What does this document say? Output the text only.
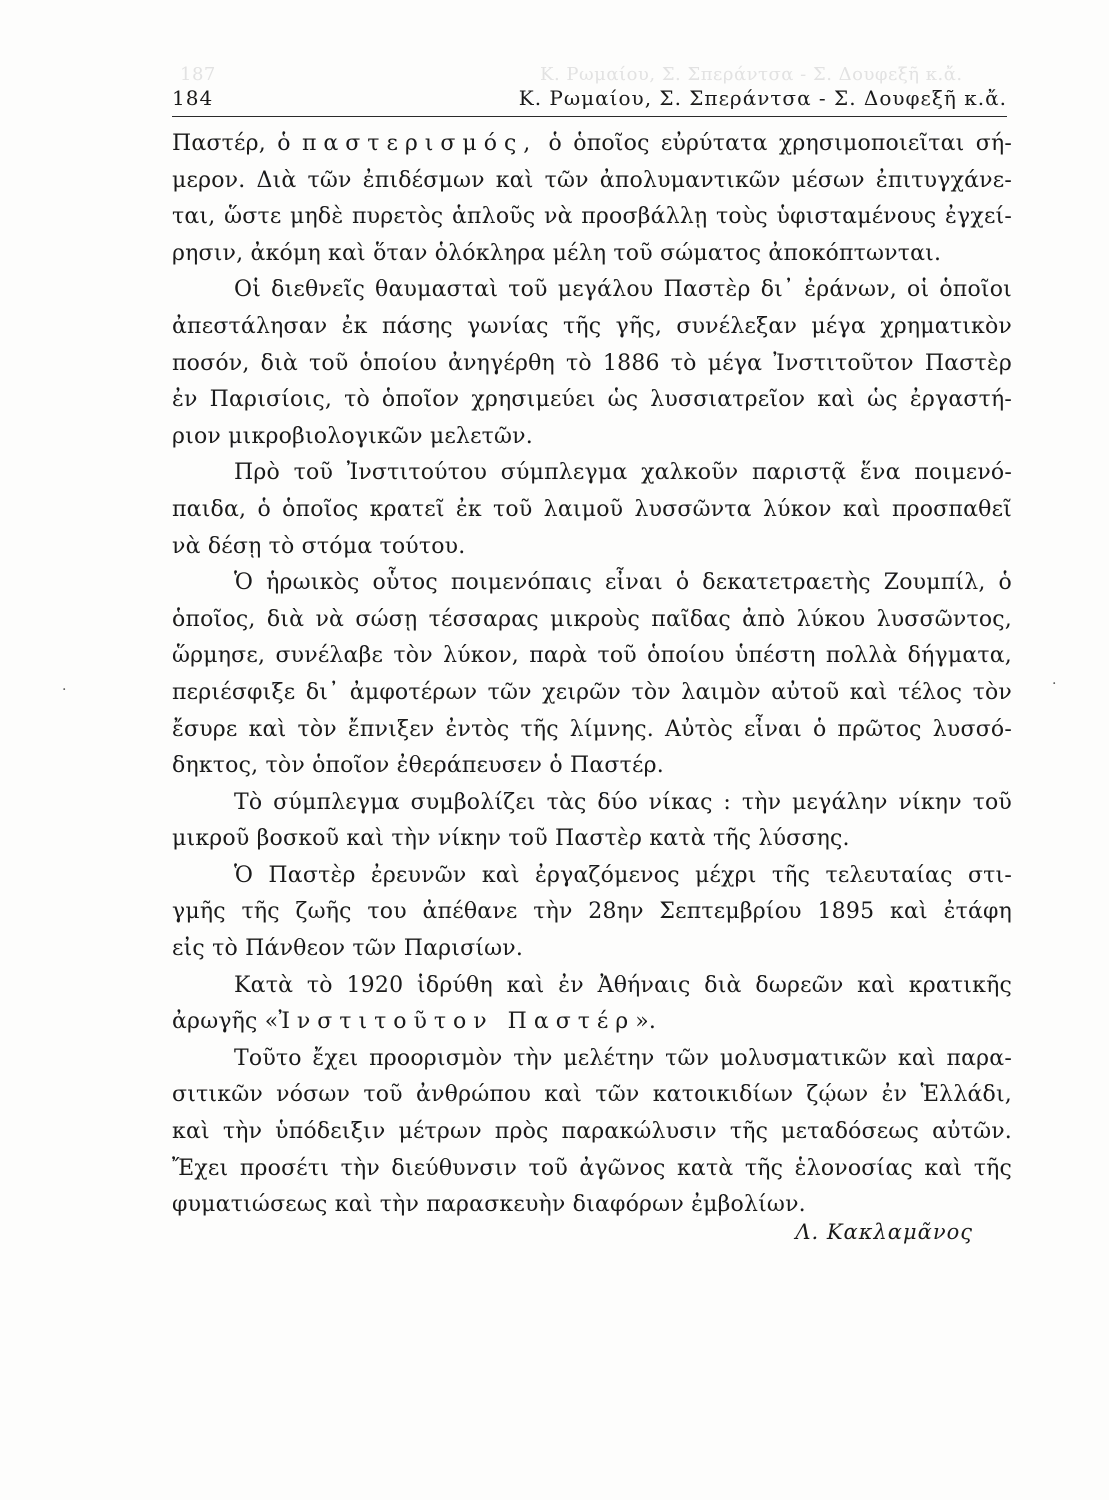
187	Κ. Ρωμαίου, Σ. Σπεράντσα - Σ. Δουφεξῆ κ.ἄ.
184	Κ. Ρωμαίου, Σ. Σπεράντσα - Σ. Δουφεξῆ κ.ἄ.
Παστέρ, ὁ παστερισμός, ὁ ὁποῖος εὐρύτατα χρησιμοποιεῖται σή-
μερον. Διὰ τῶν ἐπιδέσμων καὶ τῶν ἀπολυμαντικῶν μέσων ἐπιτυγχάνε-
ται, ὥστε μηδὲ πυρετὸς ἁπλοῦς νὰ προσβάλλῃ τοὺς ὑφισταμένους ἐγχεί-
ρησιν, ἀκόμη καὶ ὅταν ὁλόκληρα μέλη τοῦ σώματος ἀποκόπτωνται.
Οἱ διεθνεῖς θαυμασταὶ τοῦ μεγάλου Παστὲρ δι᾽ ἐράνων, οἱ ὁποῖοι
ἀπεστάλησαν ἐκ πάσης γωνίας τῆς γῆς, συνέλεξαν μέγα χρηματικὸν
ποσόν, διὰ τοῦ ὁποίου ἀνηγέρθη τὸ 1886 τὸ μέγα Ἰνστιτοῦτον Παστὲρ
ἐν Παρισίοις, τὸ ὁποῖον χρησιμεύει ὡς λυσσιατρεῖον καὶ ὡς ἐργαστή-
ριον μικροβιολογικῶν μελετῶν.
Πρὸ τοῦ Ἰνστιτούτου σύμπλεγμα χαλκοῦν παριστᾷ ἕνα ποιμενό-
παιδα, ὁ ὁποῖος κρατεῖ ἐκ τοῦ λαιμοῦ λυσσῶντα λύκον καὶ προσπαθεῖ
νὰ δέσῃ τὸ στόμα τούτου.
Ὁ ἡρωικὸς οὗτος ποιμενόπαις εἶναι ὁ δεκατετραετὴς Ζουμπίλ, ὁ
ὁποῖος, διὰ νὰ σώσῃ τέσσαρας μικροὺς παῖδας ἀπὸ λύκου λυσσῶντος,
ὥρμησε, συνέλαβε τὸν λύκον, παρὰ τοῦ ὁποίου ὑπέστη πολλὰ δήγματα,
περιέσφιξε δι᾽ ἀμφοτέρων τῶν χειρῶν τὸν λαιμὸν αὐτοῦ καὶ τέλος τὸν
ἔσυρε καὶ τὸν ἔπνιξεν ἐντὸς τῆς λίμνης. Αὐτὸς εἶναι ὁ πρῶτος λυσσό-
δηκτος, τὸν ὁποῖον ἐθεράπευσεν ὁ Παστέρ.
Τὸ σύμπλεγμα συμβολίζει τὰς δύο νίκας : τὴν μεγάλην νίκην τοῦ
μικροῦ βοσκοῦ καὶ τὴν νίκην τοῦ Παστὲρ κατὰ τῆς λύσσης.
Ὁ Παστὲρ ἐρευνῶν καὶ ἐργαζόμενος μέχρι τῆς τελευταίας στι-
γμῆς τῆς ζωῆς του ἀπέθανε τὴν 28ην Σεπτεμβρίου 1895 καὶ ἐτάφη
εἰς τὸ Πάνθεον τῶν Παρισίων.
Κατὰ τὸ 1920 ἱδρύθη καὶ ἐν Ἀθήναις διὰ δωρεῶν καὶ κρατικῆς
ἀρωγῆς «Ἰνστιτοῦτον Παστέρ».
Τοῦτο ἔχει προορισμὸν τὴν μελέτην τῶν μολυσματικῶν καὶ παρα-
σιτικῶν νόσων τοῦ ἀνθρώπου καὶ τῶν κατοικιδίων ζῴων ἐν Ἑλλάδι,
καὶ τὴν ὑπόδειξιν μέτρων πρὸς παρακώλυσιν τῆς μεταδόσεως αὐτῶν.
Ἔχει προσέτι τὴν διεύθυνσιν τοῦ ἀγῶνος κατὰ τῆς ἑλονοσίας καὶ τῆς
φυματιώσεως καὶ τὴν παρασκευὴν διαφόρων ἐμβολίων.
Λ. Κακλαμᾶνος
·	·
